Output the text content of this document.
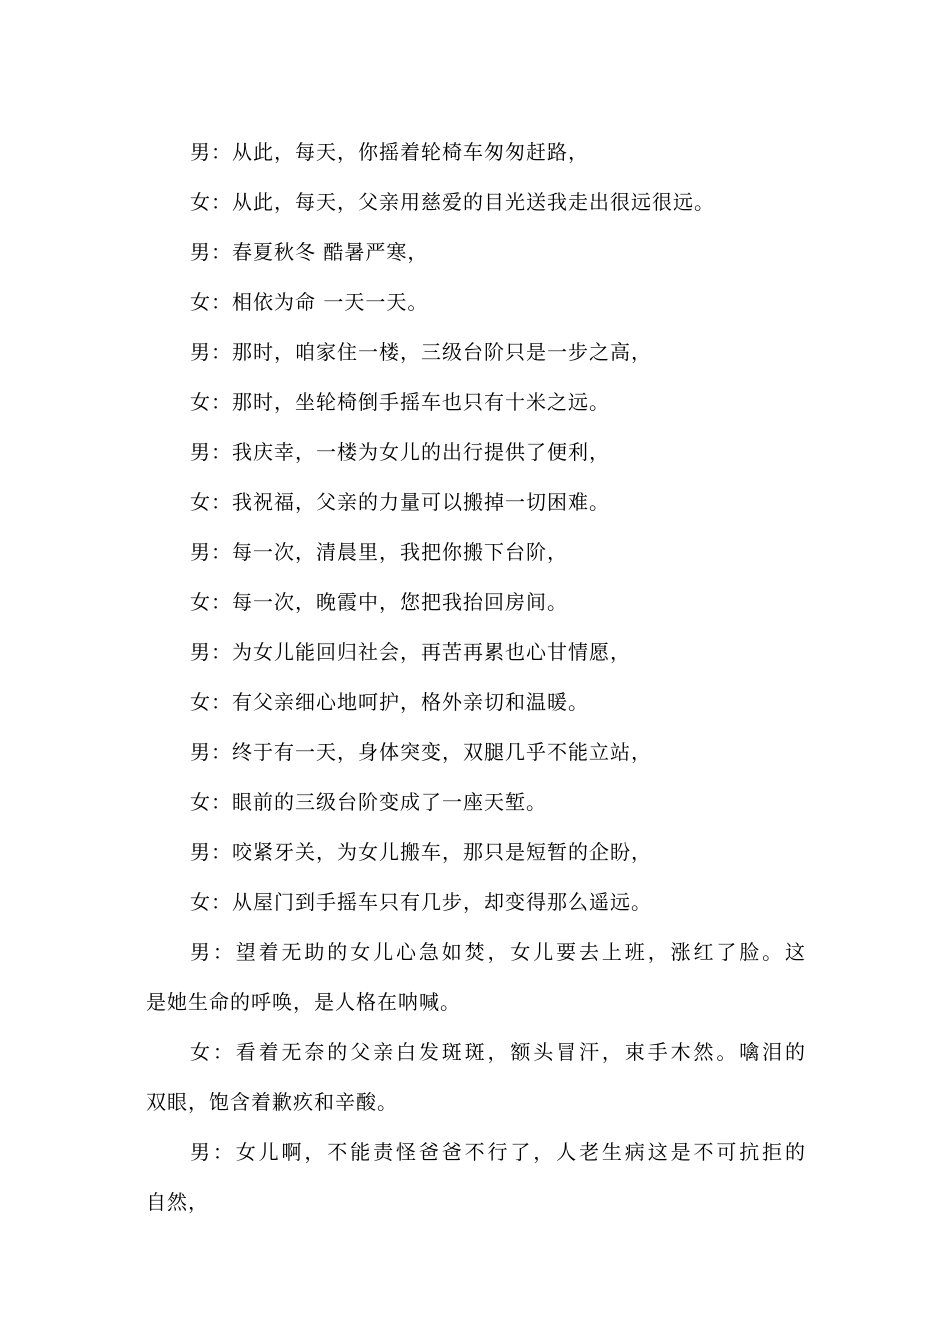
男：从此，每天，你摇着轮椅车匆匆赶路，
女：从此，每天，父亲用慈爱的目光送我走出很远很远。
男：春夏秋冬 酷暑严寒，
女：相依为命 一天一天。
男：那时，咱家住一楼，三级台阶只是一步之高，
女：那时，坐轮椅倒手摇车也只有十米之远。
男：我庆幸，一楼为女儿的出行提供了便利，
女：我祝福，父亲的力量可以搬掉一切困难。
男：每一次，清晨里，我把你搬下台阶，
女：每一次，晚霞中，您把我抬回房间。
男：为女儿能回归社会，再苦再累也心甘情愿，
女：有父亲细心地呵护，格外亲切和温暖。
男：终于有一天，身体突变，双腿几乎不能立站，
女：眼前的三级台阶变成了一座天堑。
男：咬紧牙关，为女儿搬车，那只是短暂的企盼，
女：从屋门到手摇车只有几步，却变得那么遥远。
男：望着无助的女儿心急如焚，女儿要去上班，涨红了脸。这
是她生命的呼唤，是人格在呐喊。
女：看着无奈的父亲白发斑斑，额头冒汗，束手木然。噙泪的
双眼，饱含着歉疚和辛酸。
男：女儿啊，不能责怪爸爸不行了，人老生病这是不可抗拒的
自然，
